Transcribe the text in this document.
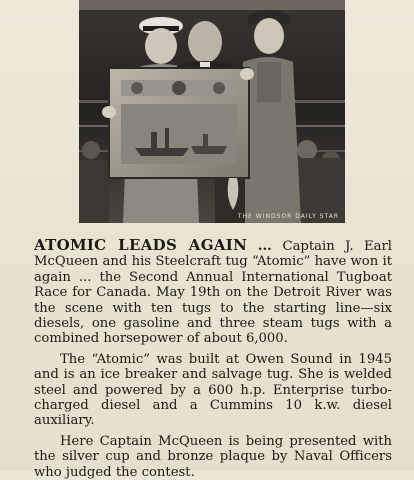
THE WINDSOR DAILY STAR

ATOMIC LEADS AGAIN ... Captain J. Earl McQueen and his Steelcraft tug “Atomic” have won it again ... the Second Annual International Tugboat Race for Canada. May 19th on the Detroit River was the scene with ten tugs to the starting line—six diesels, one gasoline and three steam tugs with a combined horsepower of about 6,000.

The “Atomic” was built at Owen Sound in 1945 and is an ice breaker and salvage tug. She is welded steel and powered by a 600 h.p. Enterprise turbo-charged diesel and a Cummins 10 k.w. diesel auxiliary.

Here Captain McQueen is being presented with the silver cup and bronze plaque by Naval Officers who judged the contest.
